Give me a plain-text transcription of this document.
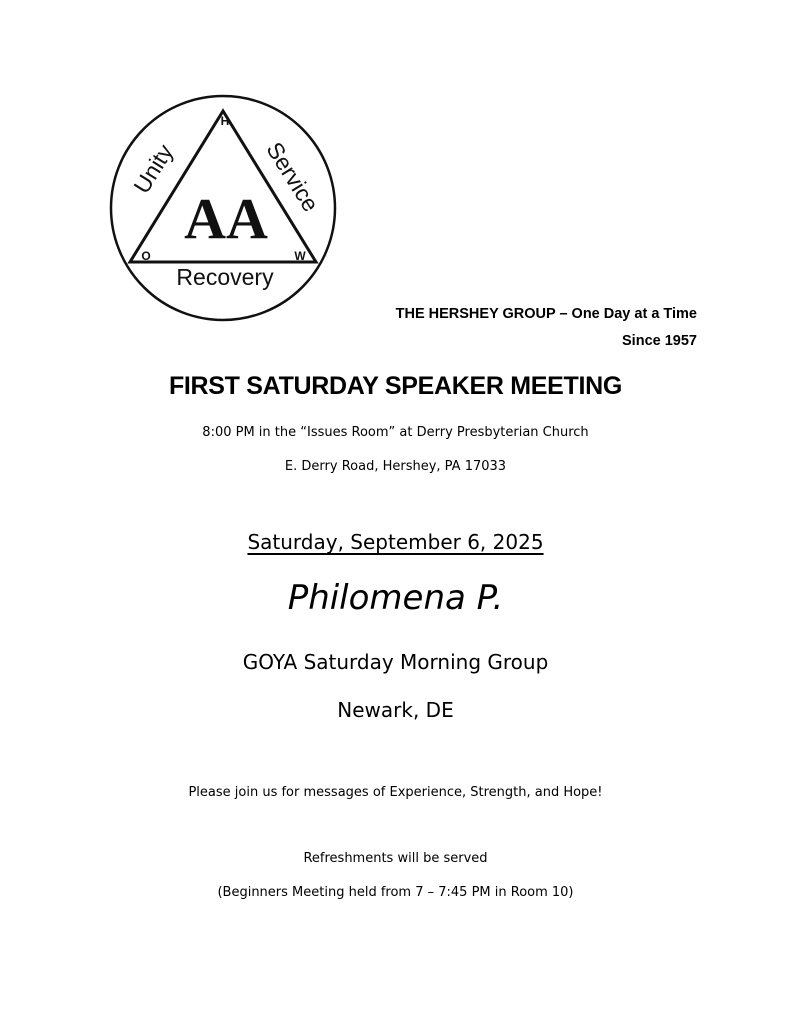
AA
H
O	W
Unity	Service
Recovery
THE HERSHEY GROUP – One Day at a Time
Since 1957
FIRST SATURDAY SPEAKER MEETING
8:00 PM in the “Issues Room” at Derry Presbyterian Church
E. Derry Road, Hershey, PA 17033
Saturday, September 6, 2025
Philomena P.
GOYA Saturday Morning Group
Newark, DE
Please join us for messages of Experience, Strength, and Hope!
Refreshments will be served
(Beginners Meeting held from 7 – 7:45 PM in Room 10)
